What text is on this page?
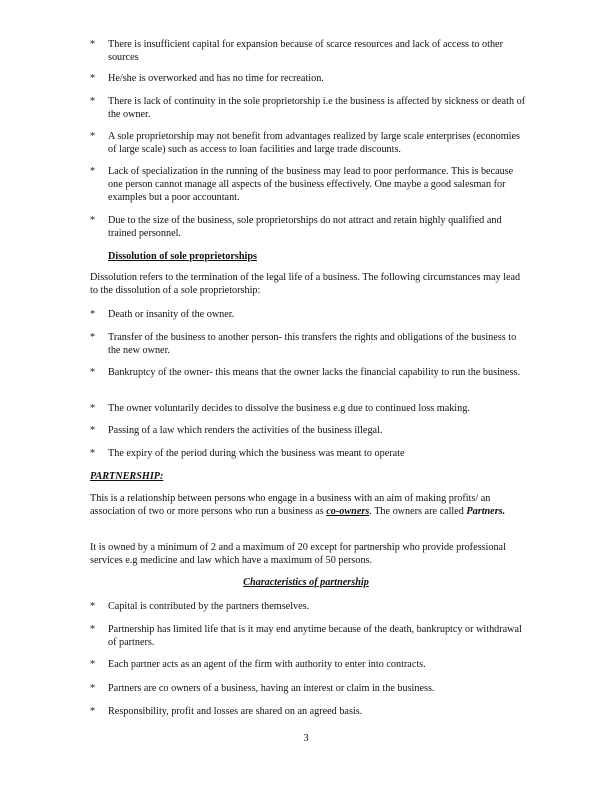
*	There is insufficient capital for expansion because of scarce resources and lack of access to other sources
*	He/she is overworked and has no time for recreation.
*	There is lack of continuity in the sole proprietorship i.e the business is affected by sickness or death of the owner.
*	A sole proprietorship may not benefit from advantages realized by large scale enterprises (economies of large scale) such as access to loan facilities and large trade discounts.
*	Lack of specialization in the running of the business may lead to poor performance. This is because one person cannot manage all aspects of the business effectively. One maybe a good salesman for examples but a poor accountant.
*	Due to the size of the business, sole proprietorships do not attract and retain highly qualified and trained personnel.
Dissolution of sole proprietorships
Dissolution refers to the termination of the legal life of a business. The following circumstances may lead to the dissolution of a sole proprietorship:
*	Death or insanity of the owner.
*	Transfer of the business to another person- this transfers the rights and obligations of the business to the new owner.
*	Bankruptcy of the owner- this means that the owner lacks the financial capability to run the business.
*	The owner voluntarily decides to dissolve the business e.g due to continued loss making.
*	Passing of a law which renders the activities of the business illegal.
*	The expiry of the period during which the business was meant to operate
PARTNERSHIP:
This is a relationship between persons who engage in a business with an aim of making profits/ an association of two or more persons who run a business as co-owners. The owners are called Partners.
It is owned by a minimum of 2 and a maximum of 20 except for partnership who provide professional services e.g medicine and law which have a maximum of 50 persons.
Characteristics of partnership
*	Capital is contributed by the partners themselves.
*	Partnership has limited life that is it may end anytime because of the death, bankruptcy or withdrawal of partners.
*	Each partner acts as an agent of the firm with authority to enter into contracts.
*	Partners are co owners of a business, having an interest or claim in the business.
*	Responsibility, profit and losses are shared on an agreed basis.
3
